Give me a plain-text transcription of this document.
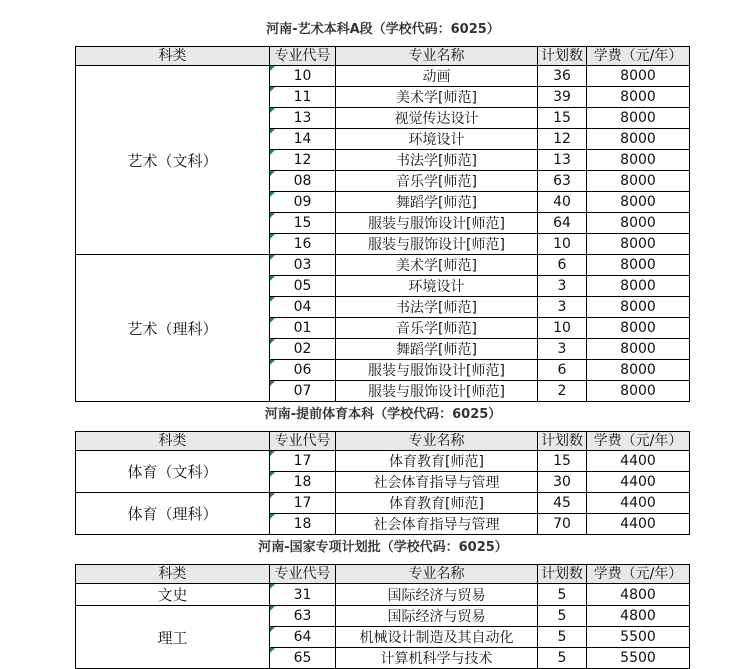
河南-艺术本科A段（学校代码：6025）
科类	专业代号	专业名称	计划数	学费（元/年）
艺术（文科）	10	动画	36	8000
	11	美术学[师范]	39	8000
	13	视觉传达设计	15	8000
	14	环境设计	12	8000
	12	书法学[师范]	13	8000
	08	音乐学[师范]	63	8000
	09	舞蹈学[师范]	40	8000
	15	服装与服饰设计[师范]	64	8000
	16	服装与服饰设计[师范]	10	8000
艺术（理科）	03	美术学[师范]	6	8000
	05	环境设计	3	8000
	04	书法学[师范]	3	8000
	01	音乐学[师范]	10	8000
	02	舞蹈学[师范]	3	8000
	06	服装与服饰设计[师范]	6	8000
	07	服装与服饰设计[师范]	2	8000
河南-提前体育本科（学校代码：6025）
科类	专业代号	专业名称	计划数	学费（元/年）
体育（文科）	17	体育教育[师范]	15	4400
	18	社会体育指导与管理	30	4400
体育（理科）	17	体育教育[师范]	45	4400
	18	社会体育指导与管理	70	4400
河南-国家专项计划批（学校代码：6025）
科类	专业代号	专业名称	计划数	学费（元/年）
文史	31	国际经济与贸易	5	4800
理工	63	国际经济与贸易	5	4800
	64	机械设计制造及其自动化	5	5500
	65	计算机科学与技术	5	5500
